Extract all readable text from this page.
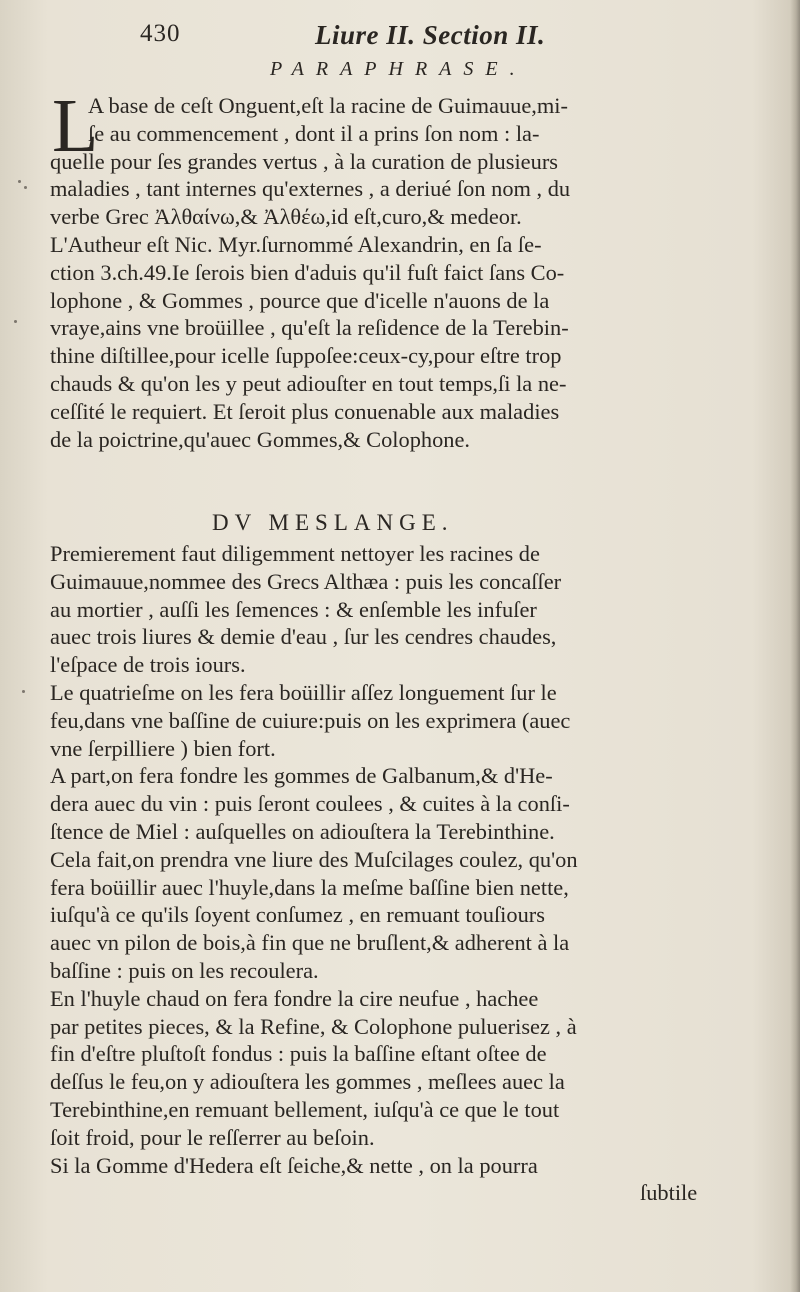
430	Liure II. Section II.
PARAPHRASE.
L
A base de ceſt Onguent,eſt la racine de Guimauue,mi-
ſe au commencement , dont il a prins ſon nom : la-
quelle pour ſes grandes vertus , à la curation de plusieurs
maladies , tant internes qu'externes , a deriué ſon nom , du
verbe Grec Ἀλθαίνω,& Ἀλθέω,id eſt,curo,& medeor.
L'Autheur eſt Nic. Myr.ſurnommé Alexandrin, en ſa ſe-
ction 3.ch.49.Ie ſerois bien d'aduis qu'il fuſt faict ſans Co-
lophone , & Gommes , pource que d'icelle n'auons de la
vraye,ains vne broüillee , qu'eſt la reſidence de la Terebin-
thine diſtillee,pour icelle ſuppoſee:ceux-cy,pour eſtre trop
chauds & qu'on les y peut adiouſter en tout temps,ſi la ne-
ceſſité le requiert. Et ſeroit plus conuenable aux maladies
de la poictrine,qu'auec Gommes,& Colophone.
DV MESLANGE.
Premierement faut diligemment nettoyer les racines de
Guimauue,nommee des Grecs Althæa : puis les concaſſer
au mortier , auſſi les ſemences : & enſemble les infuſer
auec trois liures & demie d'eau , ſur les cendres chaudes,
l'eſpace de trois iours.
Le quatrieſme on les fera boüillir aſſez longuement ſur le
feu,dans vne baſſine de cuiure:puis on les exprimera (auec
vne ſerpilliere ) bien fort.
A part,on fera fondre les gommes de Galbanum,& d'He-
dera auec du vin : puis ſeront coulees , & cuites à la conſi-
ſtence de Miel : auſquelles on adiouſtera la Terebinthine.
Cela fait,on prendra vne liure des Muſcilages coulez, qu'on
fera boüillir auec l'huyle,dans la meſme baſſine bien nette,
iuſqu'à ce qu'ils ſoyent conſumez , en remuant touſiours
auec vn pilon de bois,à fin que ne bruſlent,& adherent à la
baſſine : puis on les recoulera.
En l'huyle chaud on fera fondre la cire neufue , hachee
par petites pieces, & la Refine, & Colophone puluerisez , à
fin d'eſtre pluſtoſt fondus : puis la baſſine eſtant oſtee de
deſſus le feu,on y adiouſtera les gommes , meſlees auec la
Terebinthine,en remuant bellement, iuſqu'à ce que le tout
ſoit froid, pour le reſſerrer au beſoin.
Si la Gomme d'Hedera eſt ſeiche,& nette , on la pourra
ſubtile
